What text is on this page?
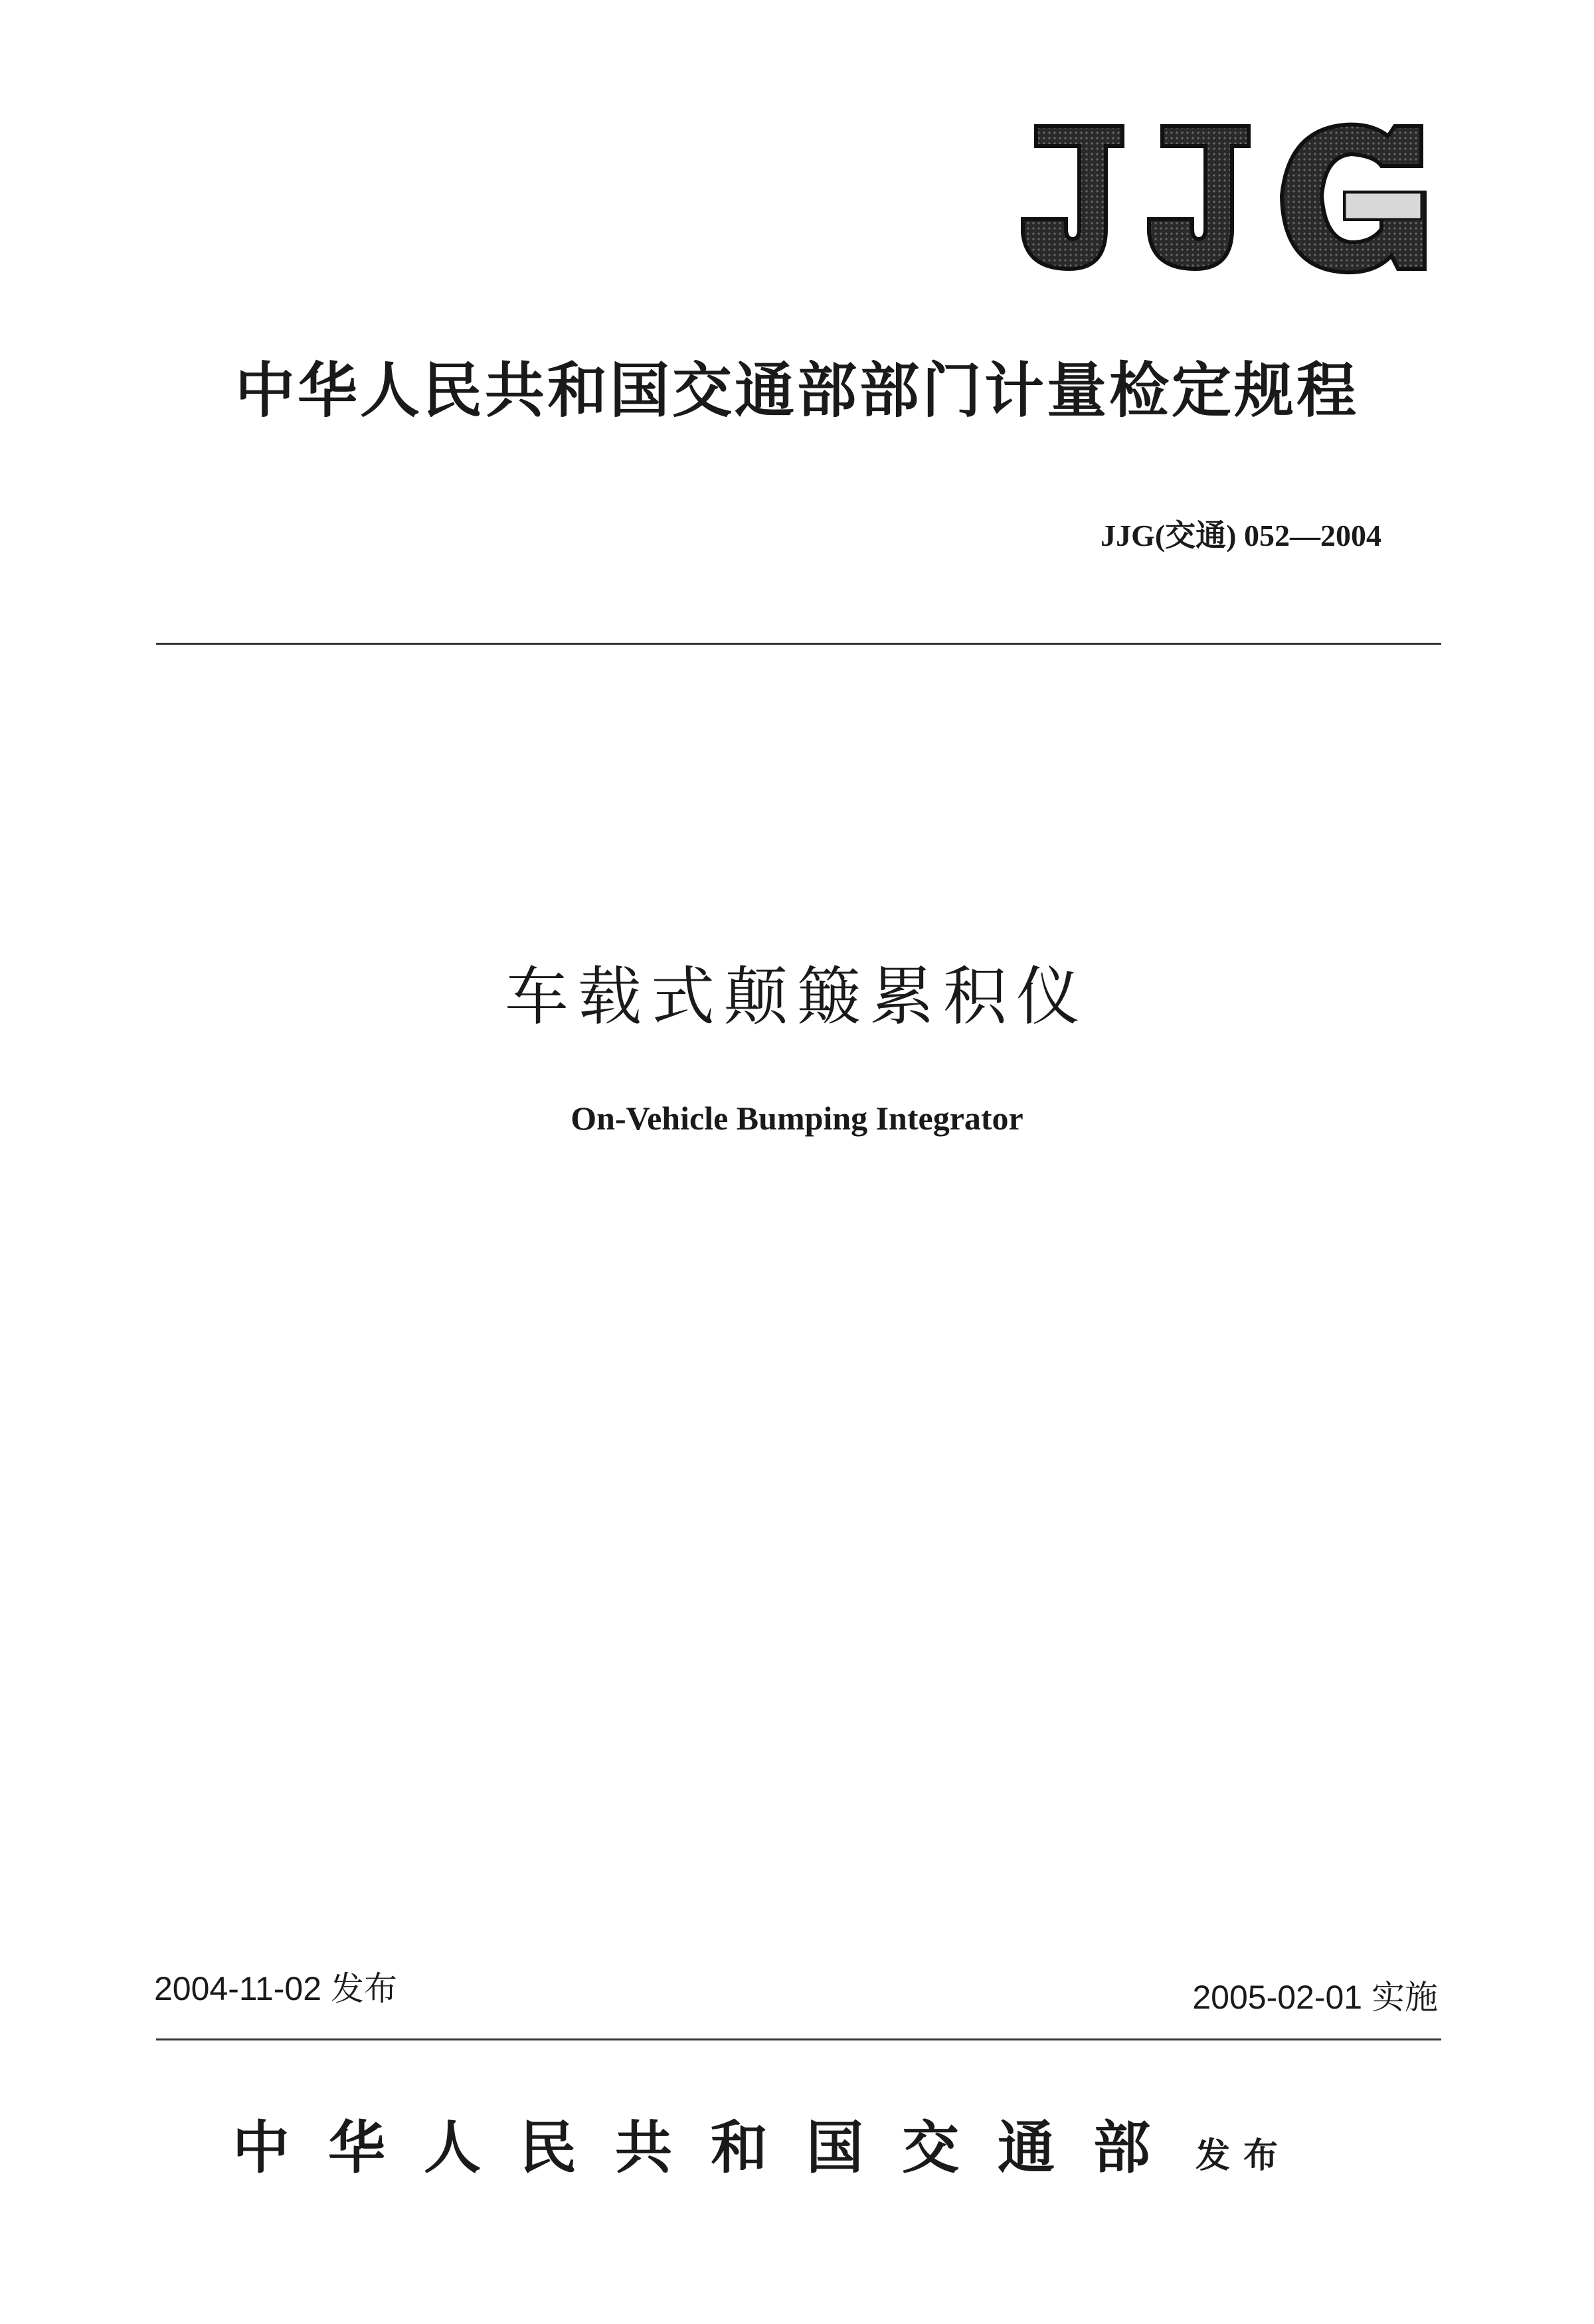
中华人民共和国交通部部门计量检定规程
JJG(交通) 052—2004
车载式颠簸累积仪
On-Vehicle Bumping Integrator
2004-11-02 发布	2005-02-01 实施
中华人民共和国交通部 发布
